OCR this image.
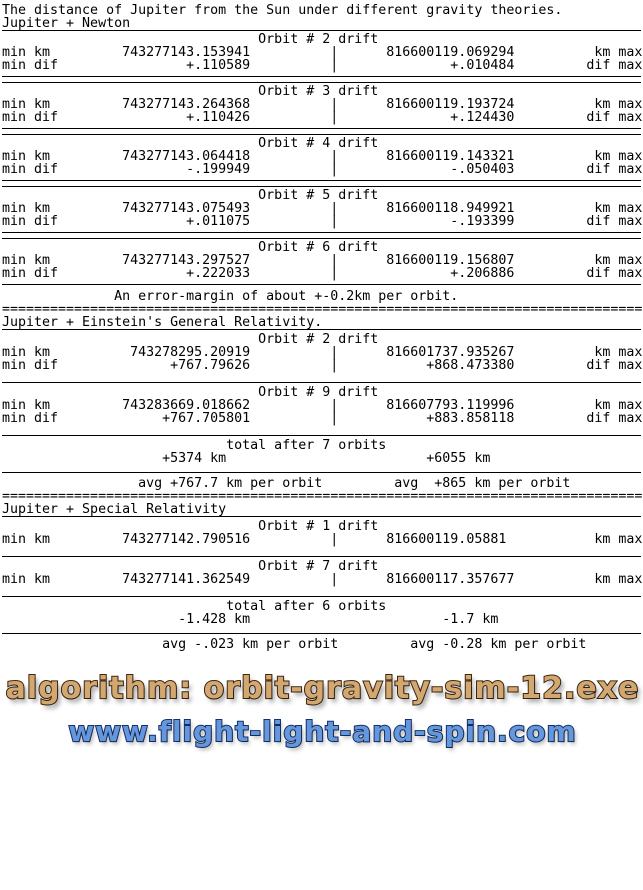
The distance of Jupiter from the Sun under different gravity theories.
Jupiter + Newton
Orbit # 2 drift
min km         743277143.153941          |      816600119.069294          km max
min dif                +.110589          |              +.010484         dif max
Orbit # 3 drift
min km         743277143.264368          |      816600119.193724          km max
min dif                +.110426          |              +.124430         dif max
Orbit # 4 drift
min km         743277143.064418          |      816600119.143321          km max
min dif                -.199949          |              -.050403         dif max
Orbit # 5 drift
min km         743277143.075493          |      816600118.949921          km max
min dif                +.011075          |              -.193399         dif max
Orbit # 6 drift
min km         743277143.297527          |      816600119.156807          km max
min dif                +.222033          |              +.206886         dif max
An error-margin of about +-0.2km per orbit.
================================================================================
Jupiter + Einstein's General Relativity.
Orbit # 2 drift
min km          743278295.20919          |      816601737.935267          km max
min dif              +767.79626          |           +868.473380         dif max
Orbit # 9 drift
min km         743283669.018662          |      816607793.119996          km max
min dif             +767.705801          |           +883.858118         dif max
total after 7 orbits
+5374 km                         +6055 km
avg +767.7 km per orbit         avg  +865 km per orbit
================================================================================
Jupiter + Special Relativity
Orbit # 1 drift
min km         743277142.790516          |      816600119.05881           km max
Orbit # 7 drift
min km         743277141.362549          |      816600117.357677          km max
total after 6 orbits
-1.428 km                        -1.7 km
avg -.023 km per orbit         avg -0.28 km per orbit
algorithm: orbit-gravity-sim-12.exe
www.flight-light-and-spin.com
